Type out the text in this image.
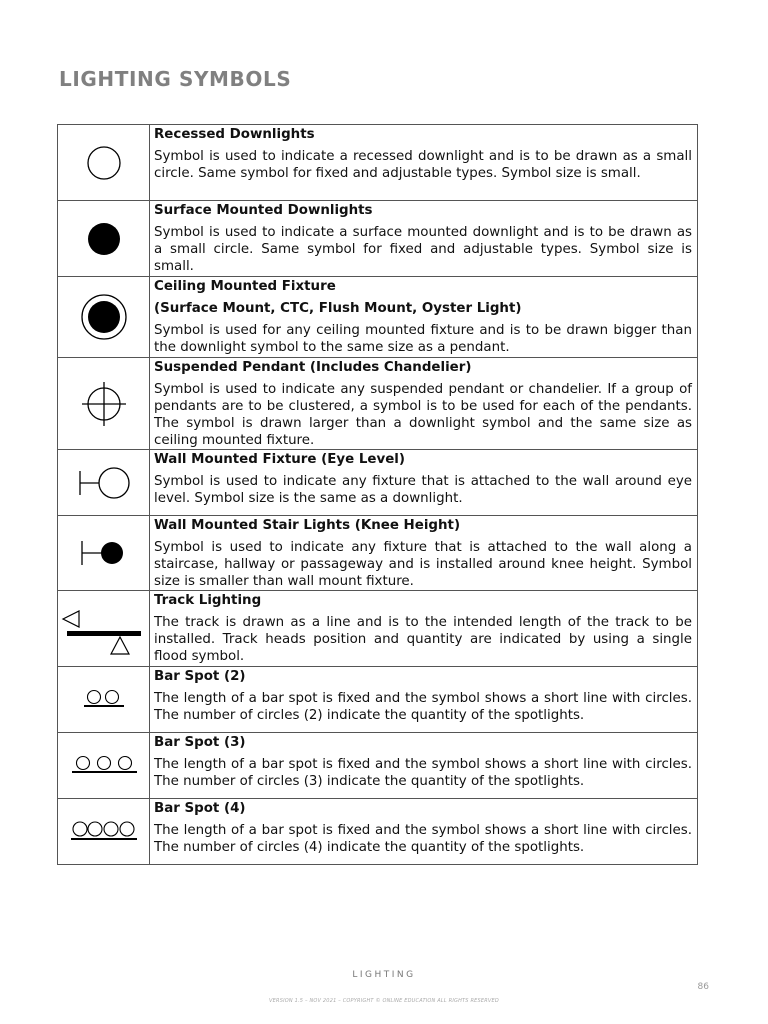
LIGHTING SYMBOLS

Recessed Downlights

Symbol is used to indicate a recessed downlight and is to be drawn as a small circle. Same symbol for fixed and adjustable types. Symbol size is small.

Surface Mounted Downlights

Symbol is used to indicate a surface mounted downlight and is to be drawn as a small circle. Same symbol for fixed and adjustable types. Symbol size is small.

Ceiling Mounted Fixture
(Surface Mount, CTC, Flush Mount, Oyster Light)

Symbol is used for any ceiling mounted fixture and is to be drawn bigger than the downlight symbol to the same size as a pendant.

Suspended Pendant (Includes Chandelier)

Symbol is used to indicate any suspended pendant or chandelier. If a group of pendants are to be clustered, a symbol is to be used for each of the pendants. The symbol is drawn larger than a downlight symbol and the same size as ceiling mounted fixture.

Wall Mounted Fixture (Eye Level)

Symbol is used to indicate any fixture that is attached to the wall around eye level. Symbol size is the same as a downlight.

Wall Mounted Stair Lights (Knee Height)

Symbol is used to indicate any fixture that is attached to the wall along a staircase, hallway or passageway and is installed around knee height. Symbol size is smaller than wall mount fixture.

Track Lighting

The track is drawn as a line and is to the intended length of the track to be installed. Track heads position and quantity are indicated by using a single flood symbol.

Bar Spot (2)

The length of a bar spot is fixed and the symbol shows a short line with circles. The number of circles (2) indicate the quantity of the spotlights.

Bar Spot (3)

The length of a bar spot is fixed and the symbol shows a short line with circles. The number of circles (3) indicate the quantity of the spotlights.

Bar Spot (4)

The length of a bar spot is fixed and the symbol shows a short line with circles. The number of circles (4) indicate the quantity of the spotlights.

LIGHTING
86
VERSION 1.5 – NOV 2021 – COPYRIGHT © ONLINE EDUCATION ALL RIGHTS RESERVED
